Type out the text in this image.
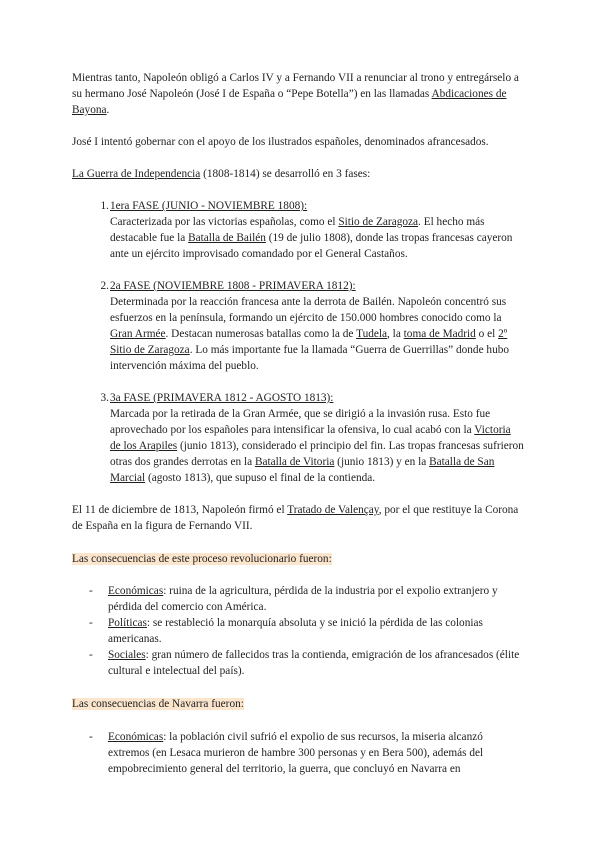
Mientras tanto, Napoleón obligó a Carlos IV y a Fernando VII a renunciar al trono y entregárselo a su hermano José Napoleón (José I de España o “Pepe Botella”) en las llamadas Abdicaciones de Bayona.

José I intentó gobernar con el apoyo de los ilustrados españoles, denominados afrancesados.

La Guerra de Independencia (1808-1814) se desarrolló en 3 fases:

1. 1era FASE (JUNIO - NOVIEMBRE 1808):
Caracterizada por las victorias españolas, como el Sitio de Zaragoza. El hecho más destacable fue la Batalla de Bailén (19 de julio 1808), donde las tropas francesas cayeron ante un ejército improvisado comandado por el General Castaños.
2. 2a FASE (NOVIEMBRE 1808 - PRIMAVERA 1812):
Determinada por la reacción francesa ante la derrota de Bailén. Napoleón concentró sus esfuerzos en la península, formando un ejército de 150.000 hombres conocido como la Gran Armée. Destacan numerosas batallas como la de Tudela, la toma de Madrid o el 2º Sitio de Zaragoza. Lo más importante fue la llamada “Guerra de Guerrillas” donde hubo intervención máxima del pueblo.
3. 3a FASE (PRIMAVERA 1812 - AGOSTO 1813):
Marcada por la retirada de la Gran Armée, que se dirigió a la invasión rusa. Esto fue aprovechado por los españoles para intensificar la ofensiva, lo cual acabó con la Victoria de los Arapiles (junio 1813), considerado el principio del fin. Las tropas francesas sufrieron otras dos grandes derrotas en la Batalla de Vitoria (junio 1813) y en la Batalla de San Marcial (agosto 1813), que supuso el final de la contienda.

El 11 de diciembre de 1813, Napoleón firmó el Tratado de Valençay, por el que restituye la Corona de España en la figura de Fernando VII.

Las consecuencias de este proceso revolucionario fueron:

- Económicas: ruina de la agricultura, pérdida de la industria por el expolio extranjero y pérdida del comercio con América.
- Políticas: se restableció la monarquía absoluta y se inició la pérdida de las colonias americanas.
- Sociales: gran número de fallecidos tras la contienda, emigración de los afrancesados (élite cultural e intelectual del país).

Las consecuencias de Navarra fueron:

- Económicas: la población civil sufrió el expolio de sus recursos, la miseria alcanzó extremos (en Lesaca murieron de hambre 300 personas y en Bera 500), además del empobrecimiento general del territorio, la guerra, que concluyó en Navarra en
